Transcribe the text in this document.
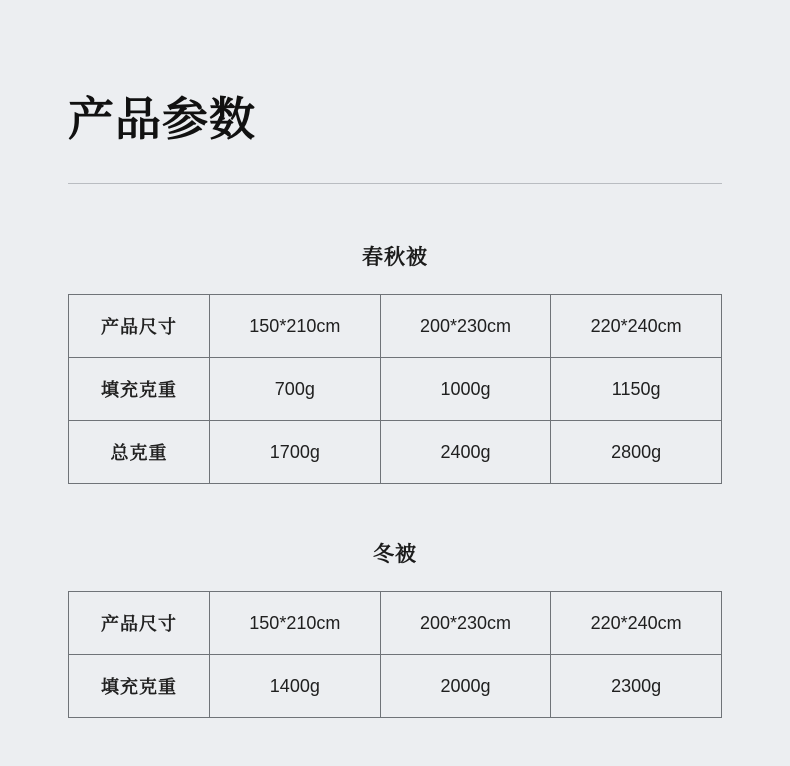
产品参数
春秋被
产品尺寸	150*210cm	200*230cm	220*240cm
填充克重	700g	1000g	1150g
总克重	1700g	2400g	2800g
冬被
产品尺寸	150*210cm	200*230cm	220*240cm
填充克重	1400g	2000g	2300g
